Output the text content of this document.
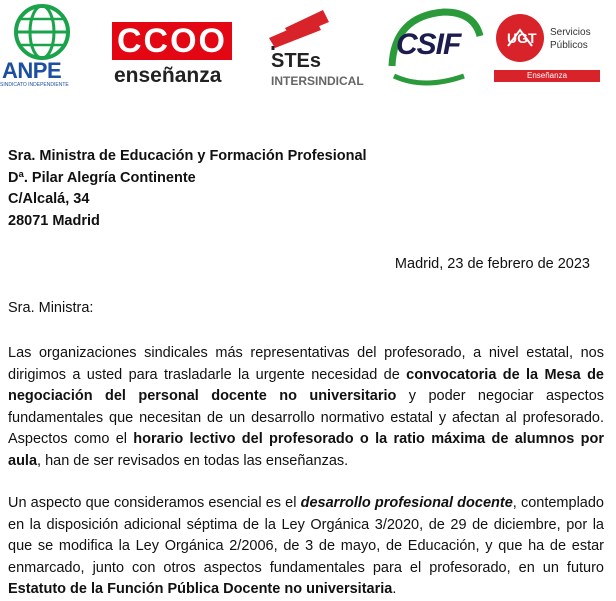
ANPE
SINDICATO INDEPENDIENTE
CCOO
enseñanza
STEs
INTERSINDICAL
CSIF	UGT Servicios Públicos
Enseñanza
Sra. Ministra de Educación y Formación Profesional
Dª. Pilar Alegría Continente
C/Alcalá, 34
28071 Madrid
Madrid, 23 de febrero de 2023
Sra. Ministra:
Las organizaciones sindicales más representativas del profesorado, a nivel estatal, nos dirigimos a usted para trasladarle la urgente necesidad de convocatoria de la Mesa de negociación del personal docente no universitario y poder negociar aspectos fundamentales que necesitan de un desarrollo normativo estatal y afectan al profesorado. Aspectos como el horario lectivo del profesorado o la ratio máxima de alumnos por aula, han de ser revisados en todas las enseñanzas.
Un aspecto que consideramos esencial es el desarrollo profesional docente, contemplado en la disposición adicional séptima de la Ley Orgánica 3/2020, de 29 de diciembre, por la que se modifica la Ley Orgánica 2/2006, de 3 de mayo, de Educación, y que ha de estar enmarcado, junto con otros aspectos fundamentales para el profesorado, en un futuro Estatuto de la Función Pública Docente no universitaria.
